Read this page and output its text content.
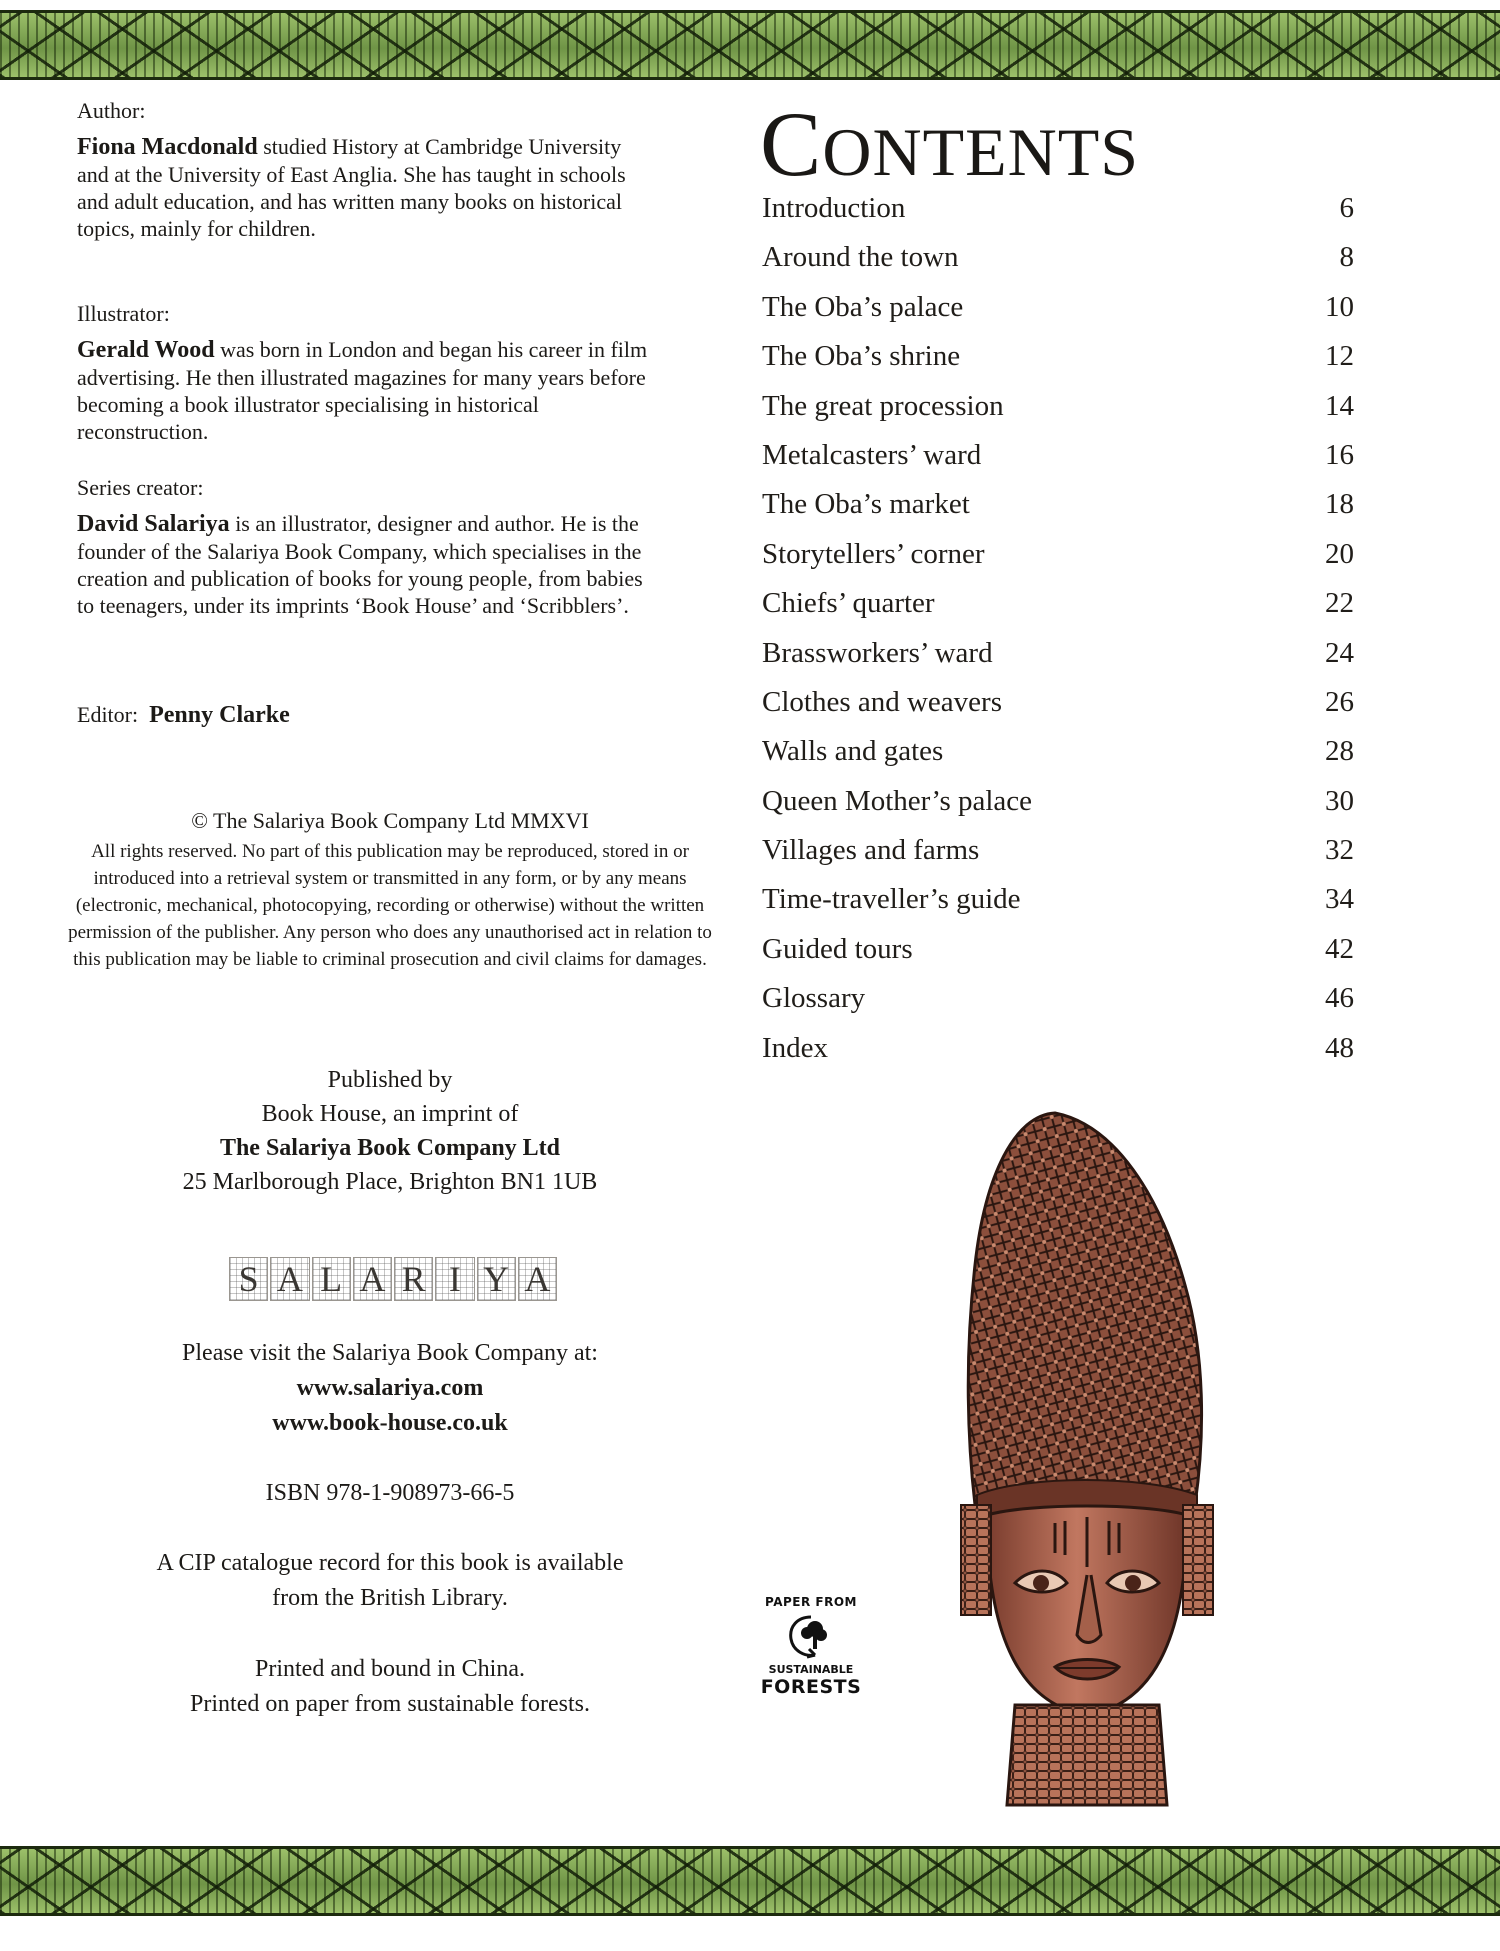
Author:
Fiona Macdonald studied History at Cambridge University and at the University of East Anglia. She has taught in schools and adult education, and has written many books on historical topics, mainly for children.
Illustrator:
Gerald Wood was born in London and began his career in film advertising. He then illustrated magazines for many years before becoming a book illustrator specialising in historical reconstruction.
Series creator:
David Salariya is an illustrator, designer and author. He is the founder of the Salariya Book Company, which specialises in the creation and publication of books for young people, from babies to teenagers, under its imprints ‘Book House’ and ‘Scribblers’.
Editor: Penny Clarke
© The Salariya Book Company Ltd MMXVI
All rights reserved. No part of this publication may be reproduced, stored in or introduced into a retrieval system or transmitted in any form, or by any means (electronic, mechanical, photocopying, recording or otherwise) without the written permission of the publisher. Any person who does any unauthorised act in relation to this publication may be liable to criminal prosecution and civil claims for damages.
Published by
Book House, an imprint of
The Salariya Book Company Ltd
25 Marlborough Place, Brighton BN1 1UB
S A L A R I Y A
Please visit the Salariya Book Company at:
www.salariya.com
www.book-house.co.uk
ISBN 978-1-908973-66-5
A CIP catalogue record for this book is available
from the British Library.
Printed and bound in China.
Printed on paper from sustainable forests.
CONTENTS
Introduction	6
Around the town	8
The Oba’s palace	10
The Oba’s shrine	12
The great procession	14
Metalcasters’ ward	16
The Oba’s market	18
Storytellers’ corner	20
Chiefs’ quarter	22
Brassworkers’ ward	24
Clothes and weavers	26
Walls and gates	28
Queen Mother’s palace	30
Villages and farms	32
Time-traveller’s guide	34
Guided tours	42
Glossary	46
Index	48
PAPER FROM
SUSTAINABLE
FORESTS
